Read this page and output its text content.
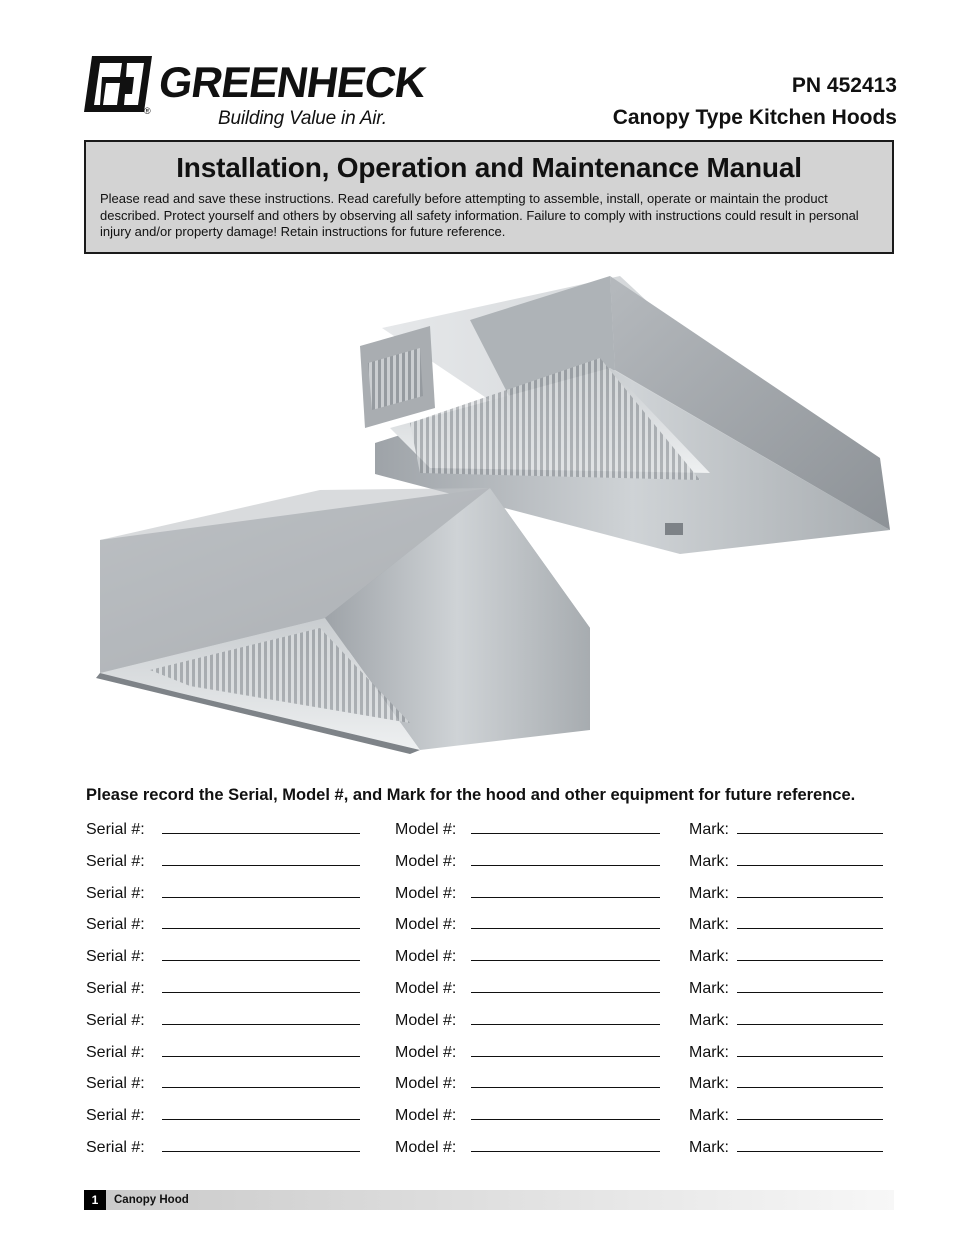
GREENHECK
®	Building Value in Air.
PN 452413
Canopy Type Kitchen Hoods
Installation, Operation and Maintenance Manual
Please read and save these instructions. Read carefully before attempting to assemble, install, operate or maintain the product described. Protect yourself and others by observing all safety information. Failure to comply with instructions could result in personal injury and/or property damage! Retain instructions for future reference.
Please record the Serial, Model #, and Mark for the hood and other equipment for future reference.
Serial #:	Model #:	Mark:
Serial #:	Model #:	Mark:
Serial #:	Model #:	Mark:
Serial #:	Model #:	Mark:
Serial #:	Model #:	Mark:
Serial #:	Model #:	Mark:
Serial #:	Model #:	Mark:
Serial #:	Model #:	Mark:
Serial #:	Model #:	Mark:
Serial #:	Model #:	Mark:
Serial #:	Model #:	Mark:
1	Canopy Hood
